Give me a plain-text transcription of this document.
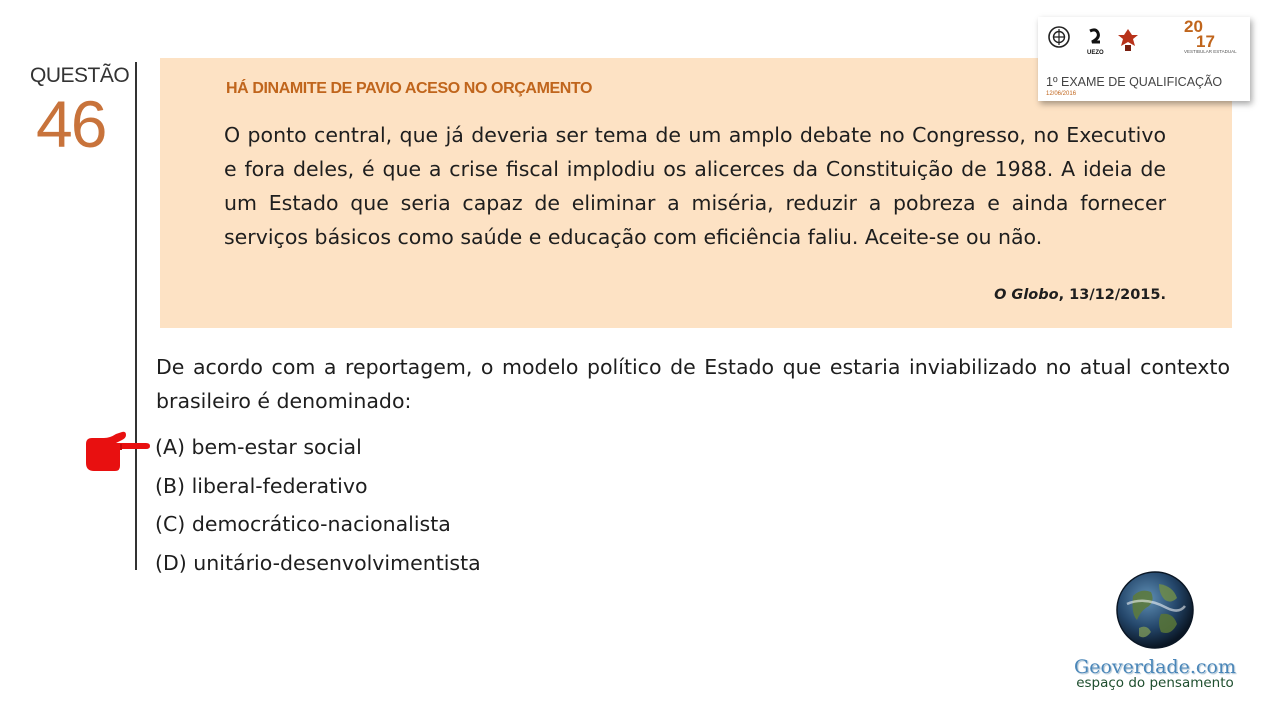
QUESTÃO
46	HÁ DINAMITE DE PAVIO ACESO NO ORÇAMENTO

O ponto central, que já deveria ser tema de um amplo debate no Congresso, no Executivo e fora deles, é que a crise fiscal implodiu os alicerces da Constituição de 1988. A ideia de um Estado que seria capaz de eliminar a miséria, reduzir a pobreza e ainda fornecer serviços básicos como saúde e educação com eficiência faliu. Aceite-se ou não.

O Globo, 13/12/2015.

De acordo com a reportagem, o modelo político de Estado que estaria inviabilizado no atual contexto brasileiro é denominado:

(A) bem-estar social
(B) liberal-federativo
(C) democrático-nacionalista
(D) unitário-desenvolvimentista
UEZO
20
17
VESTIBULAR ESTADUAL
1º EXAME DE QUALIFICAÇÃO
12/06/2016
Geoverdade.com
espaço do pensamento
